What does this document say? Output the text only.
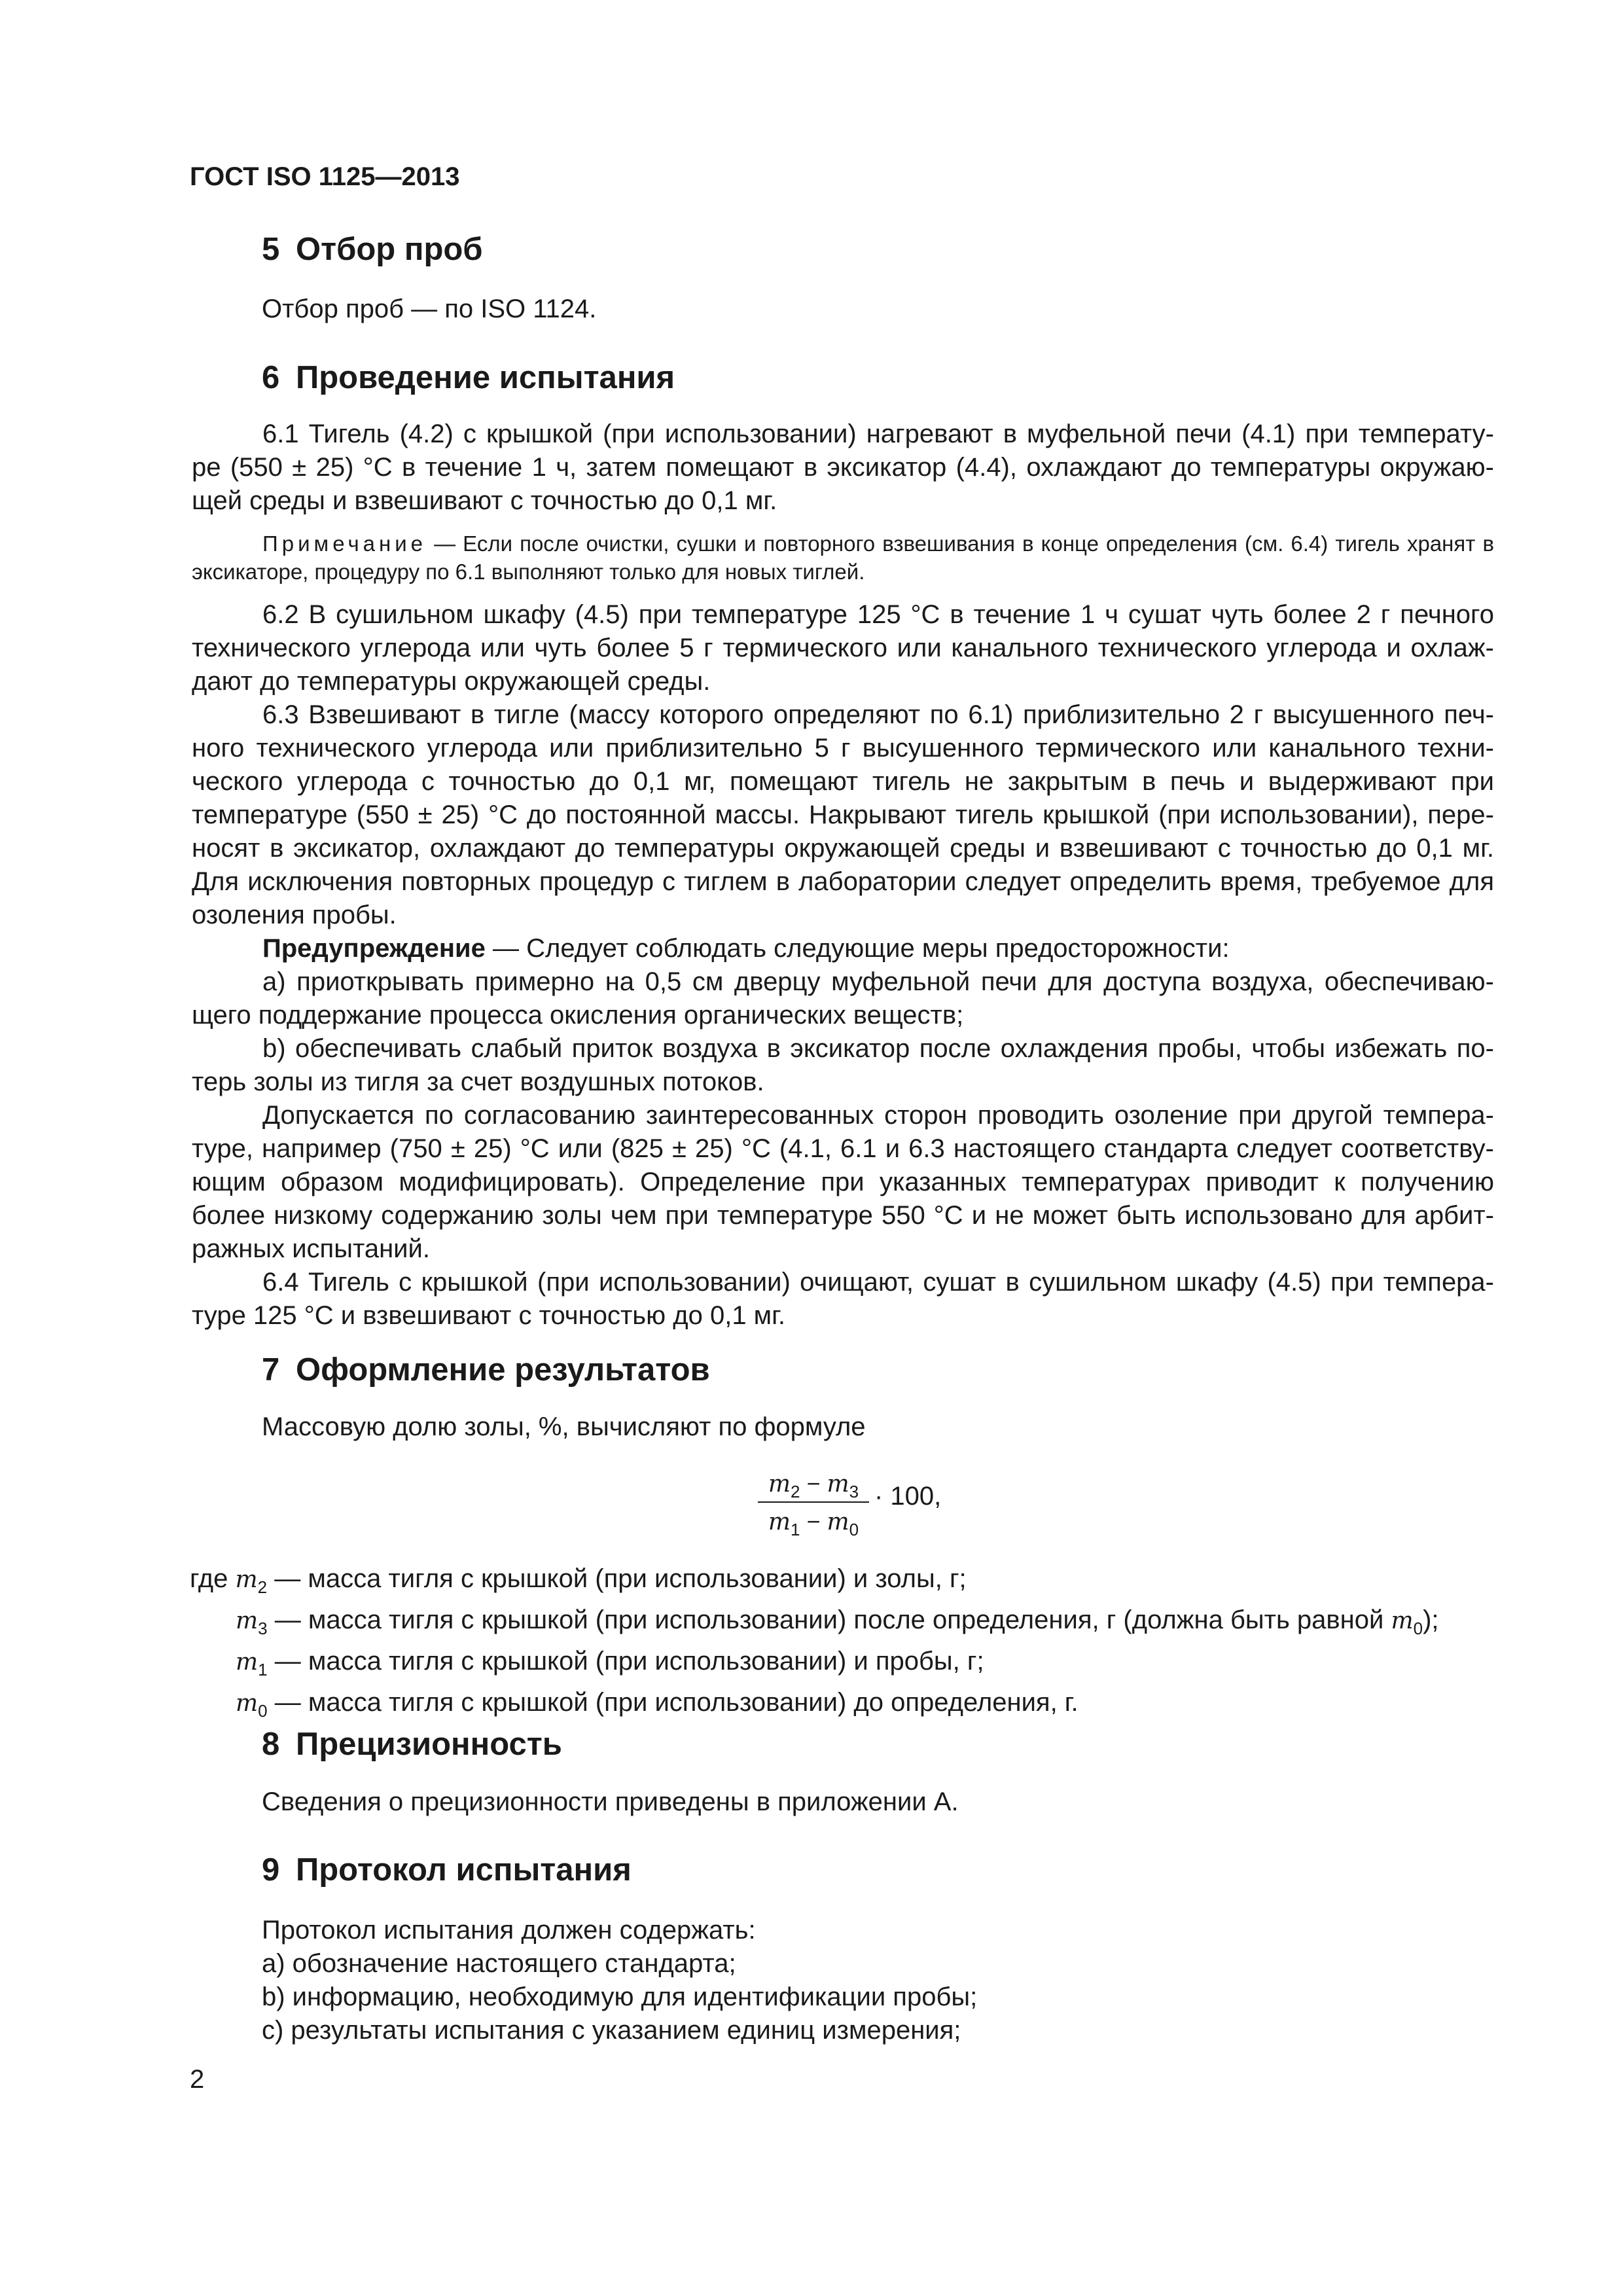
ГОСТ ISO 1125—2013
5 Отбор проб
Отбор проб — по ISO 1124.
6 Проведение испытания
6.1 Тигель (4.2) с крышкой (при использовании) нагревают в муфельной печи (4.1) при температу-
ре (550 ± 25) °С в течение 1 ч, затем помещают в эксикатор (4.4), охлаждают до температуры окружаю-
щей среды и взвешивают с точностью до 0,1 мг.
Примечание — Если после очистки, сушки и повторного взвешивания в конце определения (см. 6.4) тигель хранят в эксикаторе, процедуру по 6.1 выполняют только для новых тиглей.
6.2 В сушильном шкафу (4.5) при температуре 125 °С в течение 1 ч сушат чуть более 2 г печного
технического углерода или чуть более 5 г термического или канального технического углерода и охлаж-
дают до температуры окружающей среды.
6.3 Взвешивают в тигле (массу которого определяют по 6.1) приблизительно 2 г высушенного печ-
ного технического углерода или приблизительно 5 г высушенного термического или канального техни-
ческого углерода с точностью до 0,1 мг, помещают тигель не закрытым в печь и выдерживают при
температуре (550 ± 25) °С до постоянной массы. Накрывают тигель крышкой (при использовании), пере-
носят в эксикатор, охлаждают до температуры окружающей среды и взвешивают с точностью до 0,1 мг.
Для исключения повторных процедур с тиглем в лаборатории следует определить время, требуемое для
озоления пробы.
Предупреждение — Следует соблюдать следующие меры предосторожности:
a) приоткрывать примерно на 0,5 см дверцу муфельной печи для доступа воздуха, обеспечиваю-
щего поддержание процесса окисления органических веществ;
b) обеспечивать слабый приток воздуха в эксикатор после охлаждения пробы, чтобы избежать по-
терь золы из тигля за счет воздушных потоков.
Допускается по согласованию заинтересованных сторон проводить озоление при другой темпера-
туре, например (750 ± 25) °С или (825 ± 25) °С (4.1, 6.1 и 6.3 настоящего стандарта следует соответству-
ющим образом модифицировать). Определение при указанных температурах приводит к получению
более низкому содержанию золы чем при температуре 550 °С и не может быть использовано для арбит-
ражных испытаний.
6.4 Тигель с крышкой (при использовании) очищают, сушат в сушильном шкафу (4.5) при темпера-
туре 125 °С и взвешивают с точностью до 0,1 мг.
7 Оформление результатов
Массовую долю золы, %, вычисляют по формуле
$m_2 - m_3$
$m_1 - m_0$
· 100,
где $m_2$ — масса тигля с крышкой (при использовании) и золы, г;
$m_3$ — масса тигля с крышкой (при использовании) после определения, г (должна быть равной $m_0$);
$m_1$ — масса тигля с крышкой (при использовании) и пробы, г;
$m_0$ — масса тигля с крышкой (при использовании) до определения, г.
8 Прецизионность
Сведения о прецизионности приведены в приложении А.
9 Протокол испытания
Протокол испытания должен содержать:
a) обозначение настоящего стандарта;
b) информацию, необходимую для идентификации пробы;
c) результаты испытания с указанием единиц измерения;
2
